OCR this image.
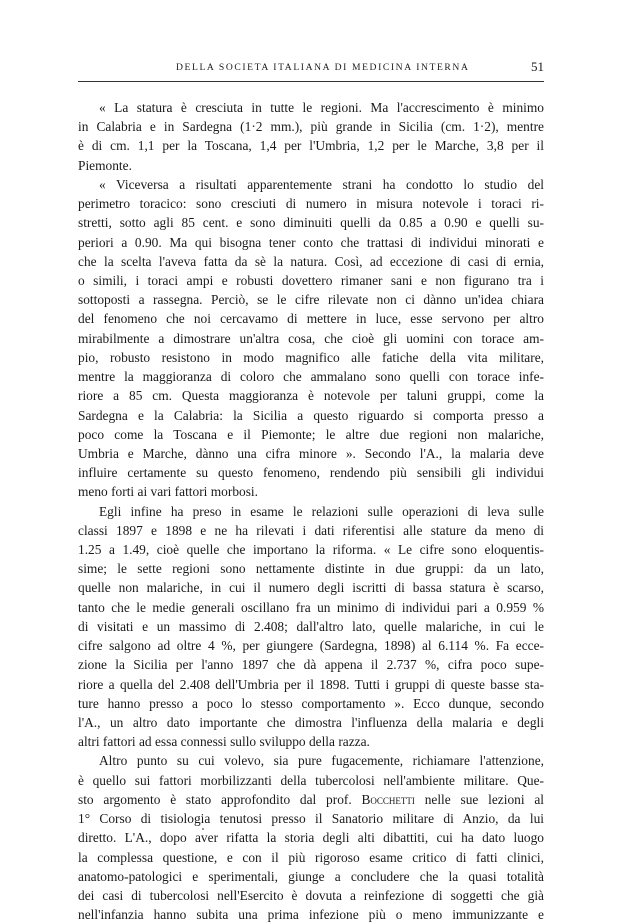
DELLA SOCIETA ITALIANA DI MEDICINA INTERNA	51
« La statura è cresciuta in tutte le regioni. Ma l'accrescimento è minimo
in Calabria e in Sardegna (1·2 mm.), più grande in Sicilia (cm. 1·2), mentre
è di cm. 1,1 per la Toscana, 1,4 per l'Umbria, 1,2 per le Marche, 3,8 per il
Piemonte.
« Viceversa a risultati apparentemente strani ha condotto lo studio del
perimetro toracico: sono cresciuti di numero in misura notevole i toraci ri-
stretti, sotto agli 85 cent. e sono diminuiti quelli da 0.85 a 0.90 e quelli su-
periori a 0.90. Ma qui bisogna tener conto che trattasi di individui minorati e
che la scelta l'aveva fatta da sè la natura. Così, ad eccezione di casi di ernia,
o simili, i toraci ampi e robusti dovettero rimaner sani e non figurano tra i
sottoposti a rassegna. Perciò, se le cifre rilevate non ci dànno un'idea chiara
del fenomeno che noi cercavamo di mettere in luce, esse servono per altro
mirabilmente a dimostrare un'altra cosa, che cioè gli uomini con torace am-
pio, robusto resistono in modo magnifico alle fatiche della vita militare,
mentre la maggioranza di coloro che ammalano sono quelli con torace infe-
riore a 85 cm. Questa maggioranza è notevole per taluni gruppi, come la
Sardegna e la Calabria: la Sicilia a questo riguardo si comporta presso a
poco come la Toscana e il Piemonte; le altre due regioni non malariche,
Umbria e Marche, dànno una cifra minore ». Secondo l'A., la malaria deve
influire certamente su questo fenomeno, rendendo più sensibili gli individui
meno forti ai vari fattori morbosi.
Egli infine ha preso in esame le relazioni sulle operazioni di leva sulle
classi 1897 e 1898 e ne ha rilevati i dati riferentisi alle stature da meno di
1.25 a 1.49, cioè quelle che importano la riforma. « Le cifre sono eloquentis-
sime; le sette regioni sono nettamente distinte in due gruppi: da un lato,
quelle non malariche, in cui il numero degli iscritti di bassa statura è scarso,
tanto che le medie generali oscillano fra un minimo di individui pari a 0.959 %
di visitati e un massimo di 2.408; dall'altro lato, quelle malariche, in cui le
cifre salgono ad oltre 4 %, per giungere (Sardegna, 1898) al 6.114 %. Fa ecce-
zione la Sicilia per l'anno 1897 che dà appena il 2.737 %, cifra poco supe-
riore a quella del 2.408 dell'Umbria per il 1898. Tutti i gruppi di queste basse sta-
ture hanno presso a poco lo stesso comportamento ». Ecco dunque, secondo
l'A., un altro dato importante che dimostra l'influenza della malaria e degli
altri fattori ad essa connessi sullo sviluppo della razza.
Altro punto su cui volevo, sia pure fugacemente, richiamare l'attenzione,
è quello sui fattori morbilizzanti della tubercolosi nell'ambiente militare. Que-
sto argomento è stato approfondito dal prof. Bocchetti nelle sue lezioni al
1° Corso di tisiologia tenutosi presso il Sanatorio militare di Anzio, da lui
diretto. L'A., dopo aver rifatta la storia degli alti dibattiti, cui ha dato luogo
la complessa questione, e con il più rigoroso esame critico di fatti clinici,
anatomo-patologici e sperimentali, giunge a concludere che la quasi totalità
dei casi di tubercolosi nell'Esercito è dovuta a reinfezione di soggetti che già
nell'infanzia hanno subita una prima infezione più o meno immunizzante e
